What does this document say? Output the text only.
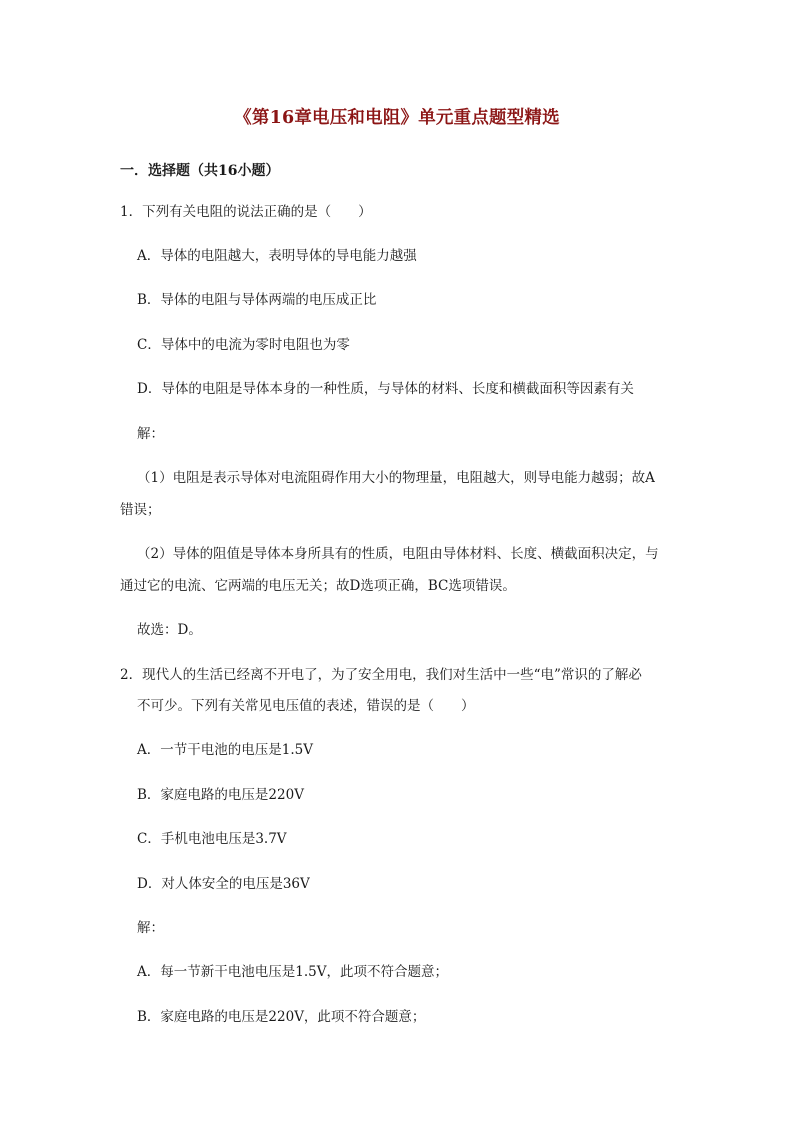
《第16章电压和电阻》单元重点题型精选
一．选择题（共16小题）
1．下列有关电阻的说法正确的是（　　）
A．导体的电阻越大，表明导体的导电能力越强
B．导体的电阻与导体两端的电压成正比
C．导体中的电流为零时电阻也为零
D．导体的电阻是导体本身的一种性质，与导体的材料、长度和横截面积等因素有关
解：
（1）电阻是表示导体对电流阻碍作用大小的物理量，电阻越大，则导电能力越弱；故A
错误；
（2）导体的阻值是导体本身所具有的性质，电阻由导体材料、长度、横截面积决定，与
通过它的电流、它两端的电压无关；故D选项正确，BC选项错误。
故选：D。
2．现代人的生活已经离不开电了，为了安全用电，我们对生活中一些“电”常识的了解必
不可少。下列有关常见电压值的表述，错误的是（　　）
A．一节干电池的电压是1.5V
B．家庭电路的电压是220V
C．手机电池电压是3.7V
D．对人体安全的电压是36V
解：
A．每一节新干电池电压是1.5V，此项不符合题意；
B．家庭电路的电压是220V，此项不符合题意；
